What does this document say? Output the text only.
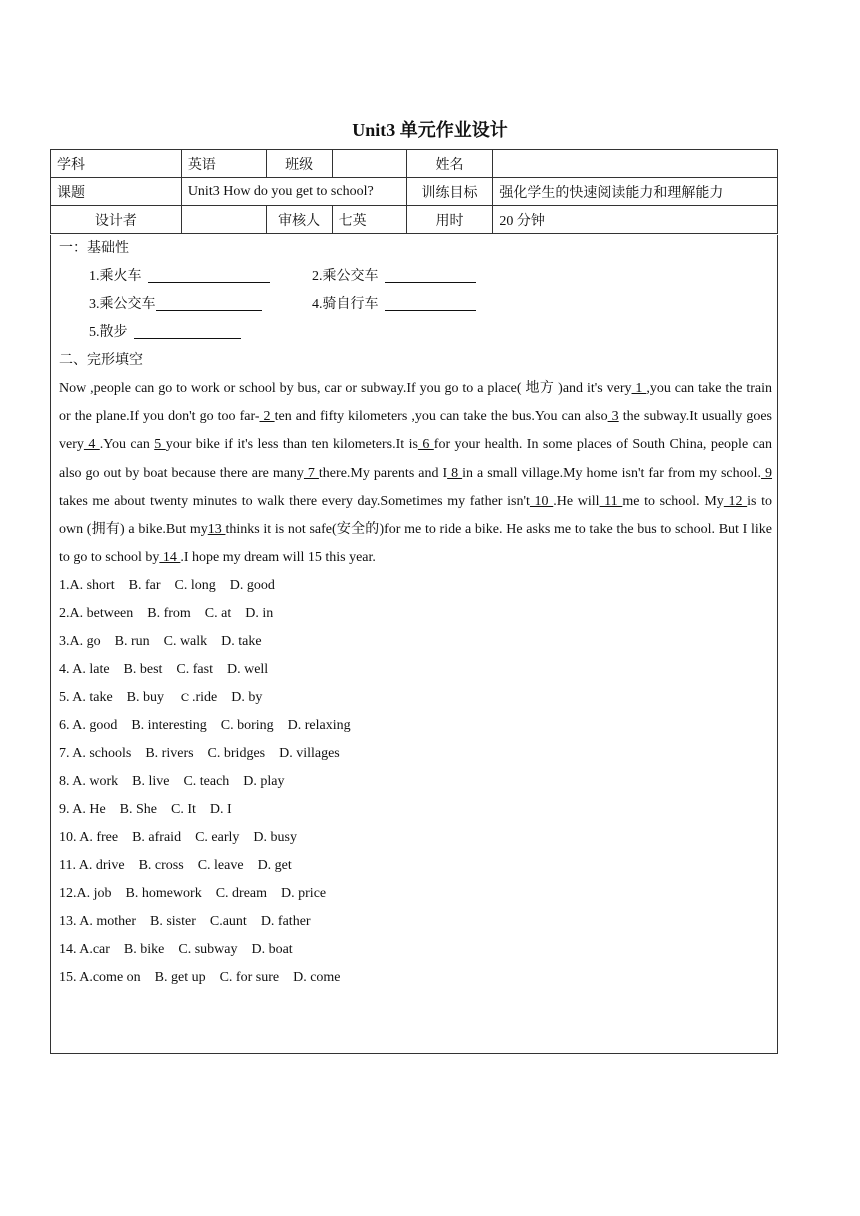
Unit3 单元作业设计
学科	英语	班级		姓名	
课题	Unit3 How do you get to school?			训练目标	强化学生的快速阅读能力和理解能力
设计者		审核人	七英	用时	20 分钟
一：基础性
1.乘火车	2.乘公交车
3.乘公交车	4.骑自行车
5.散步
二、完形填空
Now ,people can go to work or school by bus, car or subway.If you go to a place( 地方 )and it's very 1 ,you can take the train or the plane.If you don't go too far- 2 ten and fifty kilometers ,you can take the bus.You can also 3 the subway.It usually goes very 4 .You can 5 your bike if it's less than ten kilometers.It is 6 for your health. In some places of South China, people can also go out by boat because there are many 7 there.My parents and I 8 in a small village.My home isn't far from my school. 9 takes me about twenty minutes to walk there every day.Sometimes my father isn't 10 .He will 11 me to school. My 12 is to own (拥有) a bike.But my13 thinks it is not safe(安全的)for me to ride a bike. He asks me to take the bus to school. But I like to go to school by 14 .I hope my dream will 15 this year.
1.A. short    B. far    C. long    D. good
2.A. between    B. from    C. at    D. in
3.A. go    B. run    C. walk    D. take
4. A. late    B. best    C. fast    D. well
5. A. take    B. buy    ｃ.ride    D. by
6. A. good    B. interesting    C. boring    D. relaxing
7. A. schools    B. rivers    C. bridges    D. villages
8. A. work    B. live    C. teach    D. play
9. A. He    B. She    C. It    D. I
10. A. free    B. afraid    C. early    D. busy
11. A. drive    B. cross    C. leave    D. get
12.A. job    B. homework    C. dream    D. price
13. A. mother    B. sister    C.aunt    D. father
14. A.car    B. bike    C. subway    D. boat
15. A.come on    B. get up    C. for sure    D. come
